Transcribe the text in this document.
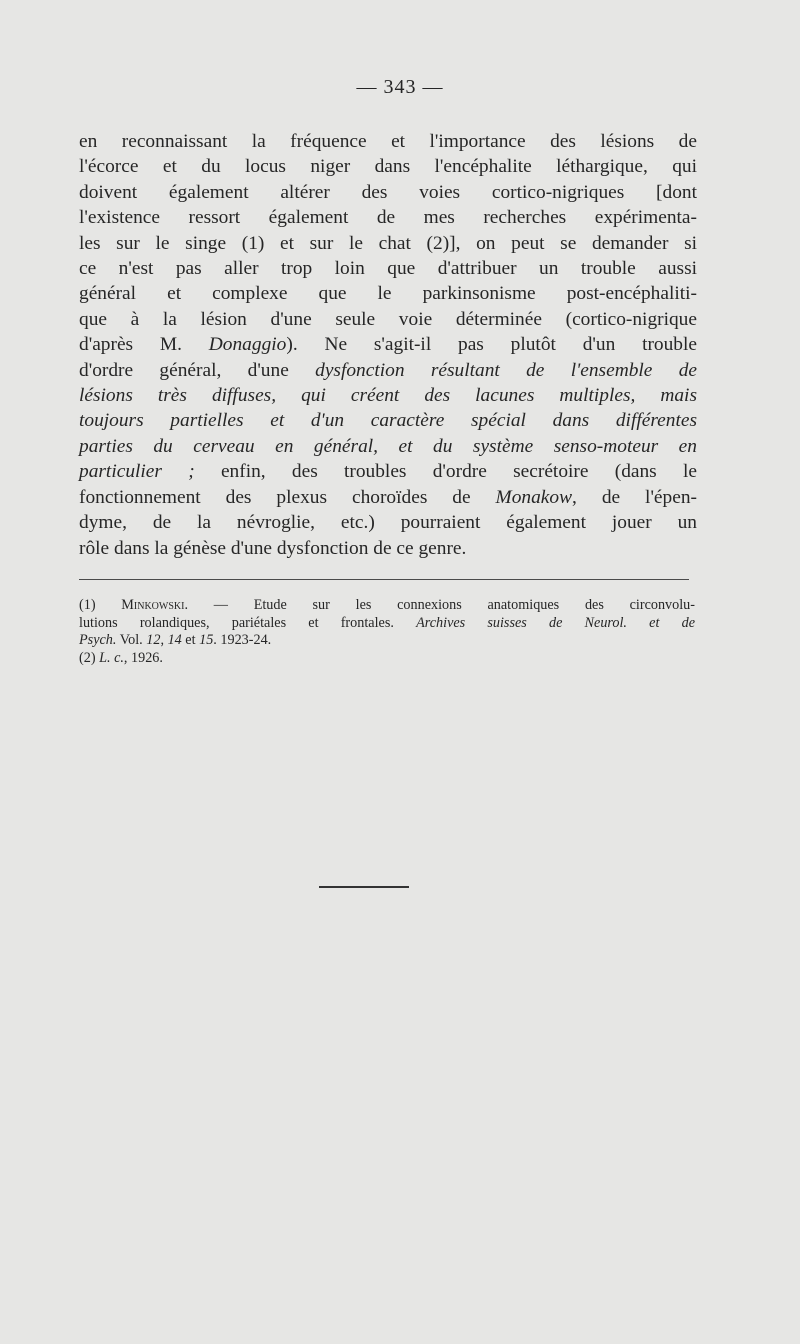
— 343 —
en reconnaissant la fréquence et l'importance des lésions de
l'écorce et du locus niger dans l'encéphalite léthargique, qui
doivent également altérer des voies cortico-nigriques [dont
l'existence ressort également de mes recherches expérimenta-
les sur le singe (1) et sur le chat (2)], on peut se demander si
ce n'est pas aller trop loin que d'attribuer un trouble aussi
général et complexe que le parkinsonisme post-encéphaliti-
que à la lésion d'une seule voie déterminée (cortico-nigrique
d'après M. Donaggio). Ne s'agit-il pas plutôt d'un trouble
d'ordre général, d'une dysfonction résultant de l'ensemble de
lésions très diffuses, qui créent des lacunes multiples, mais
toujours partielles et d'un caractère spécial dans différentes
parties du cerveau en général, et du système senso-moteur en
particulier ; enfin, des troubles d'ordre secrétoire (dans le
fonctionnement des plexus choroïdes de Monakow, de l'épen-
dyme, de la névroglie, etc.) pourraient également jouer un
rôle dans la génèse d'une dysfonction de ce genre.
(1) Minkowski. — Etude sur les connexions anatomiques des circonvolu-
lutions rolandiques, pariétales et frontales. Archives suisses de Neurol. et de
Psych. Vol. 12, 14 et 15. 1923-24.
(2) L. c., 1926.
